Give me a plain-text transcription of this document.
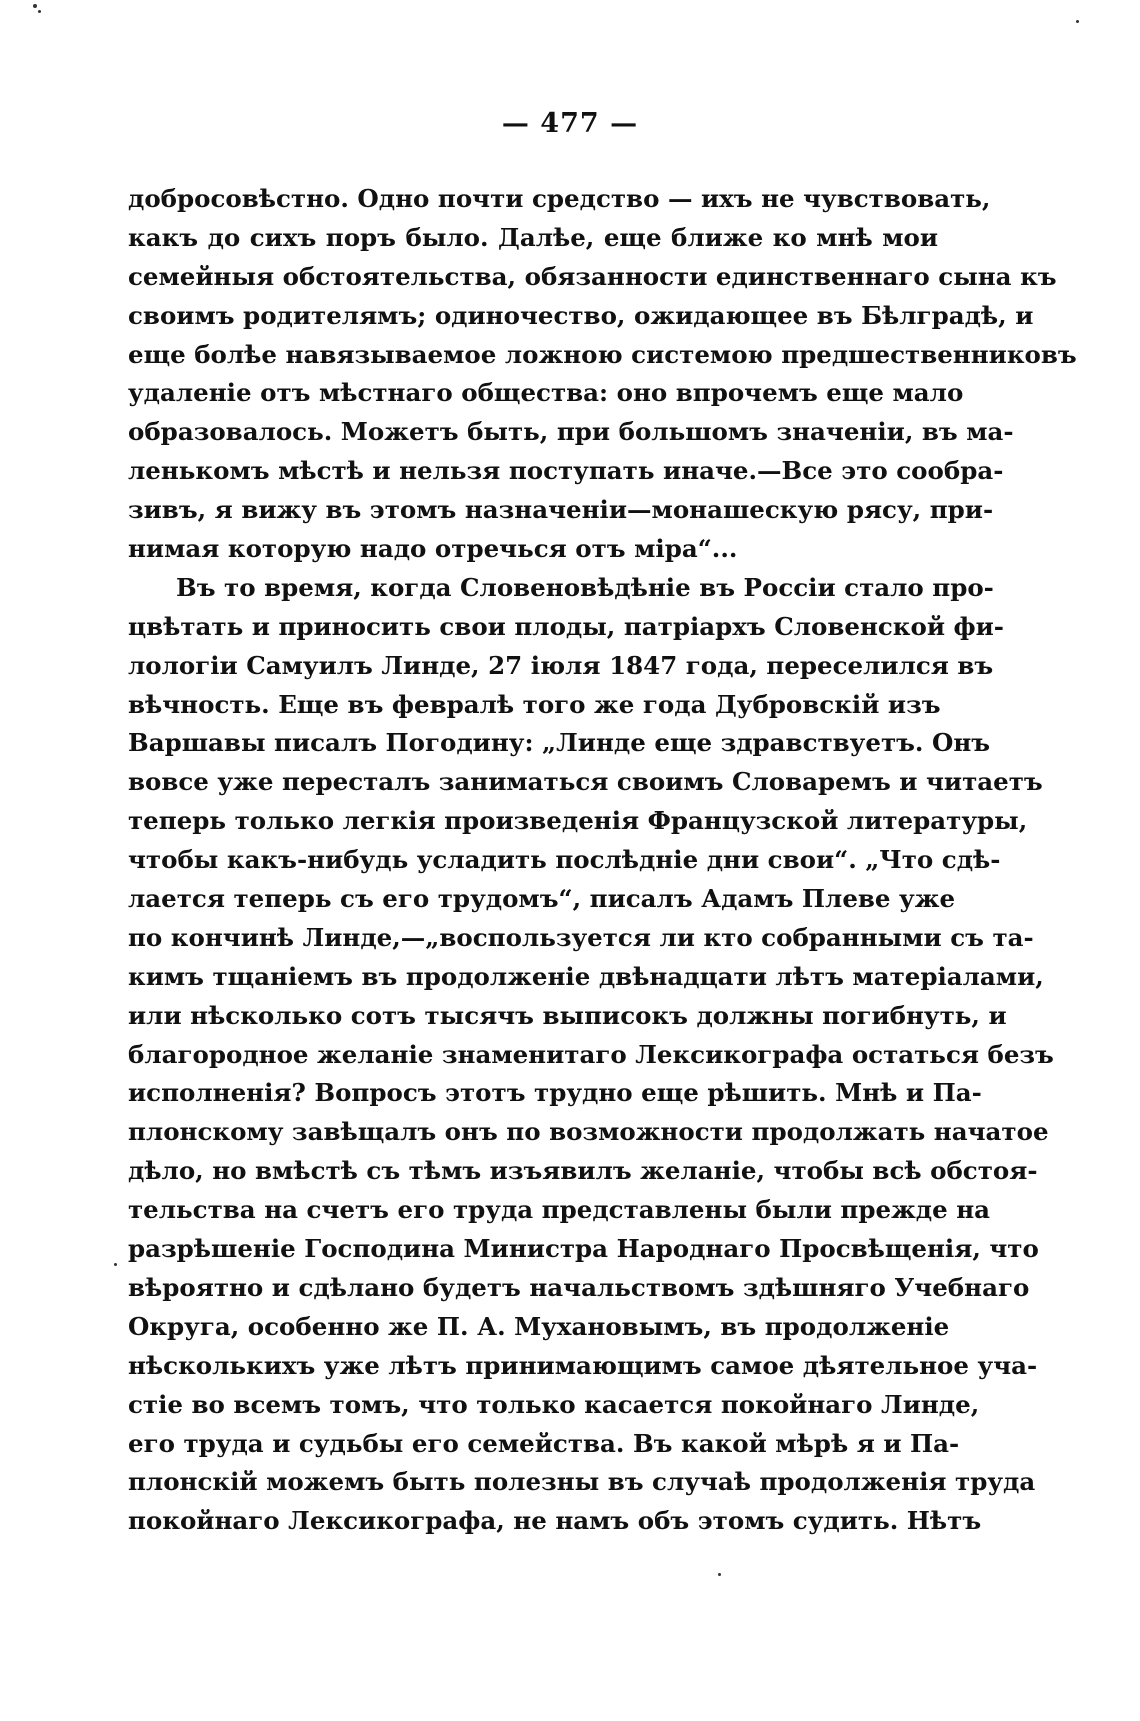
— 477 —
добросовѣстно. Одно почти средство — ихъ не чувствовать,
какъ до сихъ поръ было. Далѣе, еще ближе ко мнѣ мои
семейныя обстоятельства, обязанности единственнаго сына къ
своимъ родителямъ; одиночество, ожидающее въ Бѣлградѣ, и
еще болѣе навязываемое ложною системою предшественниковъ
удаленіе отъ мѣстнаго общества: оно впрочемъ еще мало
образовалось. Можетъ быть, при большомъ значеніи, въ ма-
ленькомъ мѣстѣ и нельзя поступать иначе.—Все это сообра-
зивъ, я вижу въ этомъ назначеніи—монашескую рясу, при-
нимая которую надо отречься отъ міра“...
Въ то время, когда Словеновѣдѣніе въ Россіи стало про-
цвѣтать и приносить свои плоды, патріархъ Словенской фи-
лологіи Самуилъ Линде, 27 іюля 1847 года, переселился въ
вѣчность. Еще въ февралѣ того же года Дубровскій изъ
Варшавы писалъ Погодину: „Линде еще здравствуетъ. Онъ
вовсе уже пересталъ заниматься своимъ Словаремъ и читаетъ
теперь только легкія произведенія Французской литературы,
чтобы какъ-нибудь усладить послѣдніе дни свои“. „Что сдѣ-
лается теперь съ его трудомъ“, писалъ Адамъ Плеве уже
по кончинѣ Линде,—„воспользуется ли кто собранными съ та-
кимъ тщаніемъ въ продолженіе двѣнадцати лѣтъ матеріалами,
или нѣсколько сотъ тысячъ выписокъ должны погибнуть, и
благородное желаніе знаменитаго Лексикографа остаться безъ
исполненія? Вопросъ этотъ трудно еще рѣшить. Мнѣ и Па-
плонскому завѣщалъ онъ по возможности продолжать начатое
дѣло, но вмѣстѣ съ тѣмъ изъявилъ желаніе, чтобы всѣ обстоя-
тельства на счетъ его труда представлены были прежде на
разрѣшеніе Господина Министра Народнаго Просвѣщенія, что
вѣроятно и сдѣлано будетъ начальствомъ здѣшняго Учебнаго
Округа, особенно же П. А. Мухановымъ, въ продолженіе
нѣсколькихъ уже лѣтъ принимающимъ самое дѣятельное уча-
стіе во всемъ томъ, что только касается покойнаго Линде,
его труда и судьбы его семейства. Въ какой мѣрѣ я и Па-
плонскій можемъ быть полезны въ случаѣ продолженія труда
покойнаго Лексикографа, не намъ объ этомъ судить. Нѣтъ
